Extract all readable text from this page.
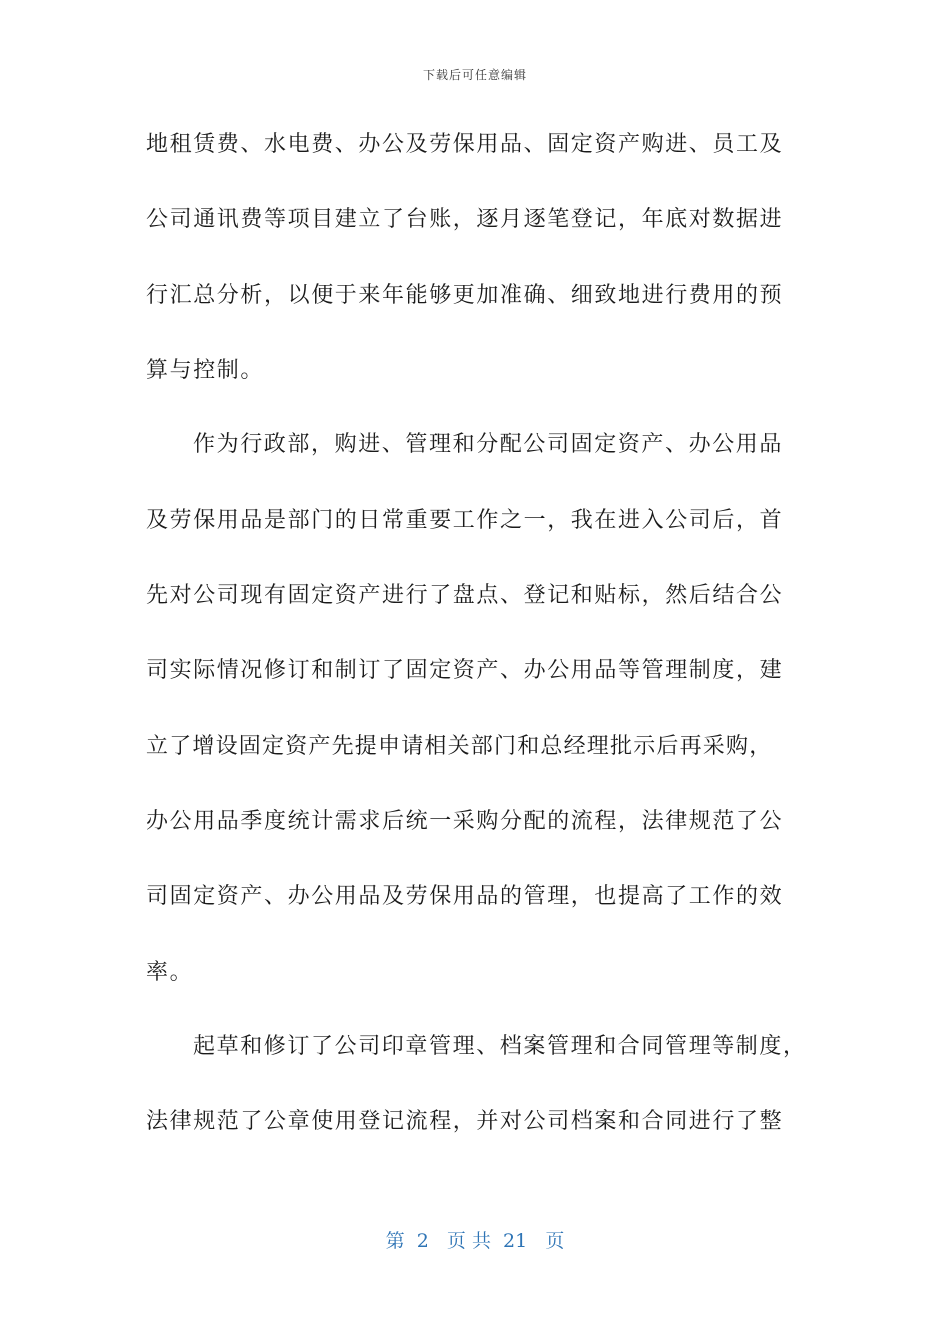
下载后可任意编辑
地租赁费、水电费、办公及劳保用品、固定资产购进、员工及
公司通讯费等项目建立了台账，逐月逐笔登记，年底对数据进
行汇总分析，以便于来年能够更加准确、细致地进行费用的预
算与控制。
作为行政部，购进、管理和分配公司固定资产、办公用品
及劳保用品是部门的日常重要工作之一，我在进入公司后，首
先对公司现有固定资产进行了盘点、登记和贴标，然后结合公
司实际情况修订和制订了固定资产、办公用品等管理制度，建
立了增设固定资产先提申请相关部门和总经理批示后再采购，
办公用品季度统计需求后统一采购分配的流程，法律规范了公
司固定资产、办公用品及劳保用品的管理，也提高了工作的效
率。
起草和修订了公司印章管理、档案管理和合同管理等制度，
法律规范了公章使用登记流程，并对公司档案和合同进行了整
第  2   页 共  21   页
